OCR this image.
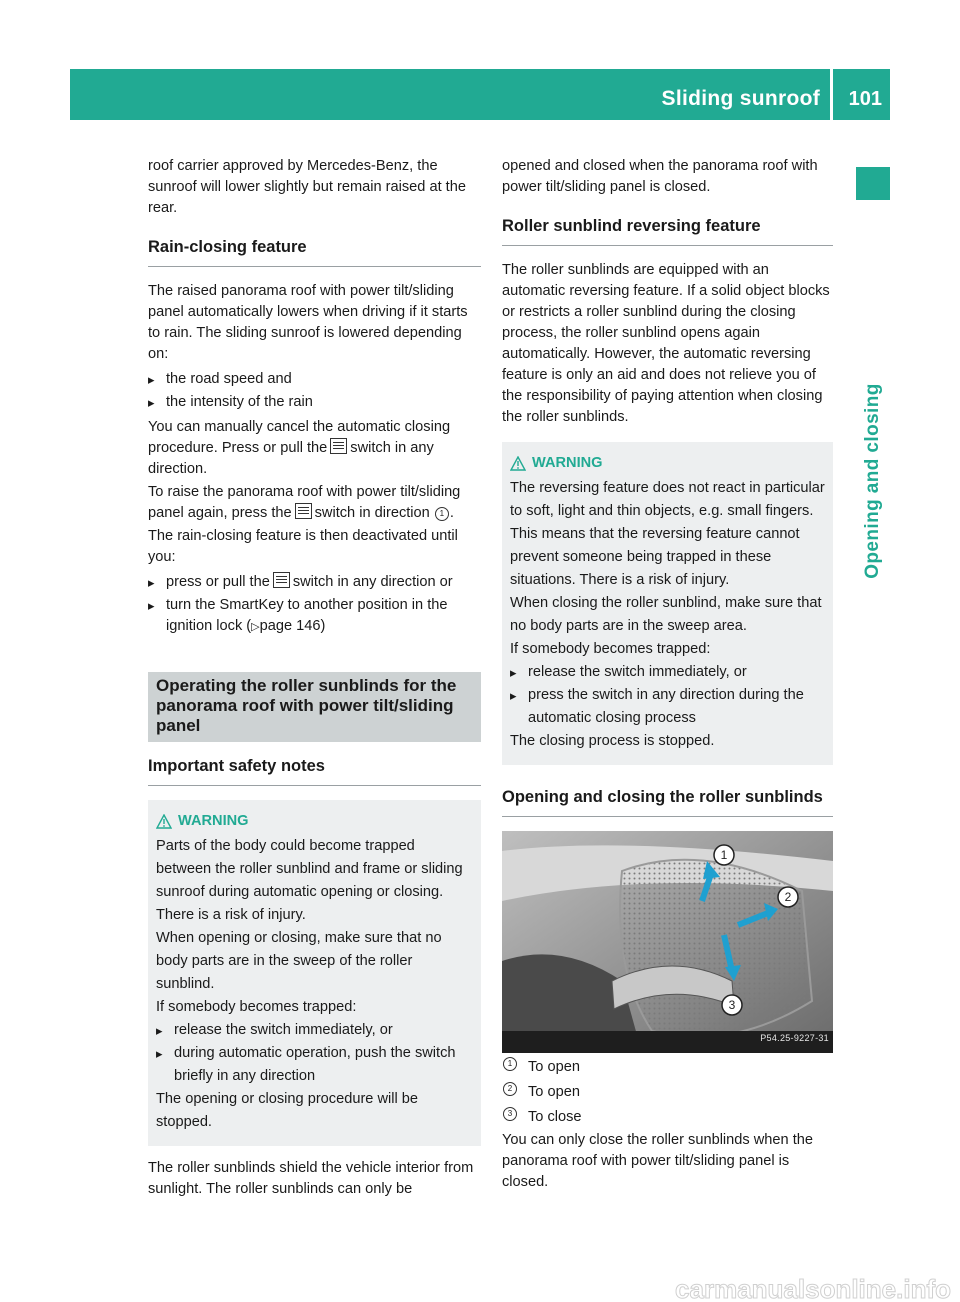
Sliding sunroof 101
Opening and closing

roof carrier approved by Mercedes-Benz, the sunroof will lower slightly but remain raised at the rear.

Rain-closing feature

The raised panorama roof with power tilt/sliding panel automatically lowers when driving if it starts to rain. The sliding sunroof is lowered depending on:

▸ the road speed and
▸ the intensity of the rain

You can manually cancel the automatic closing procedure. Press or pull the switch in any direction.

To raise the panorama roof with power tilt/sliding panel again, press the switch in direction 1 .

The rain-closing feature is then deactivated until you:

▸ press or pull the switch in any direction or
▸ turn the SmartKey to another position in the ignition lock (▷page 146)
Operating the roller sunblinds for the panorama roof with power tilt/sliding panel
Important safety notes
WARNING

Parts of the body could become trapped between the roller sunblind and frame or sliding sunroof during automatic opening or closing. There is a risk of injury.

When opening or closing, make sure that no body parts are in the sweep of the roller sunblind.

If somebody becomes trapped:

▸ release the switch immediately, or
▸ during automatic operation, push the switch briefly in any direction

The opening or closing procedure will be stopped.

The roller sunblinds shield the vehicle interior from sunlight. The roller sunblinds can only be

opened and closed when the panorama roof with power tilt/sliding panel is closed.

Roller sunblind reversing feature

The roller sunblinds are equipped with an automatic reversing feature. If a solid object blocks or restricts a roller sunblind during the closing process, the roller sunblind opens again automatically. However, the automatic reversing feature is only an aid and does not relieve you of the responsibility of paying attention when closing the roller sunblinds.

WARNING

The reversing feature does not react in particular to soft, light and thin objects, e.g. small fingers. This means that the reversing feature cannot prevent someone being trapped in these situations. There is a risk of injury.

When closing the roller sunblind, make sure that no body parts are in the sweep area.

If somebody becomes trapped:

▸ release the switch immediately, or
▸ press the switch in any direction during the automatic closing process

The closing process is stopped.

Opening and closing the roller sunblinds
1
2
3
P54.25-9227-31
1	To open
2	To open
3	To close

You can only close the roller sunblinds when the panorama roof with power tilt/sliding panel is closed.

carmanualsonline.info
